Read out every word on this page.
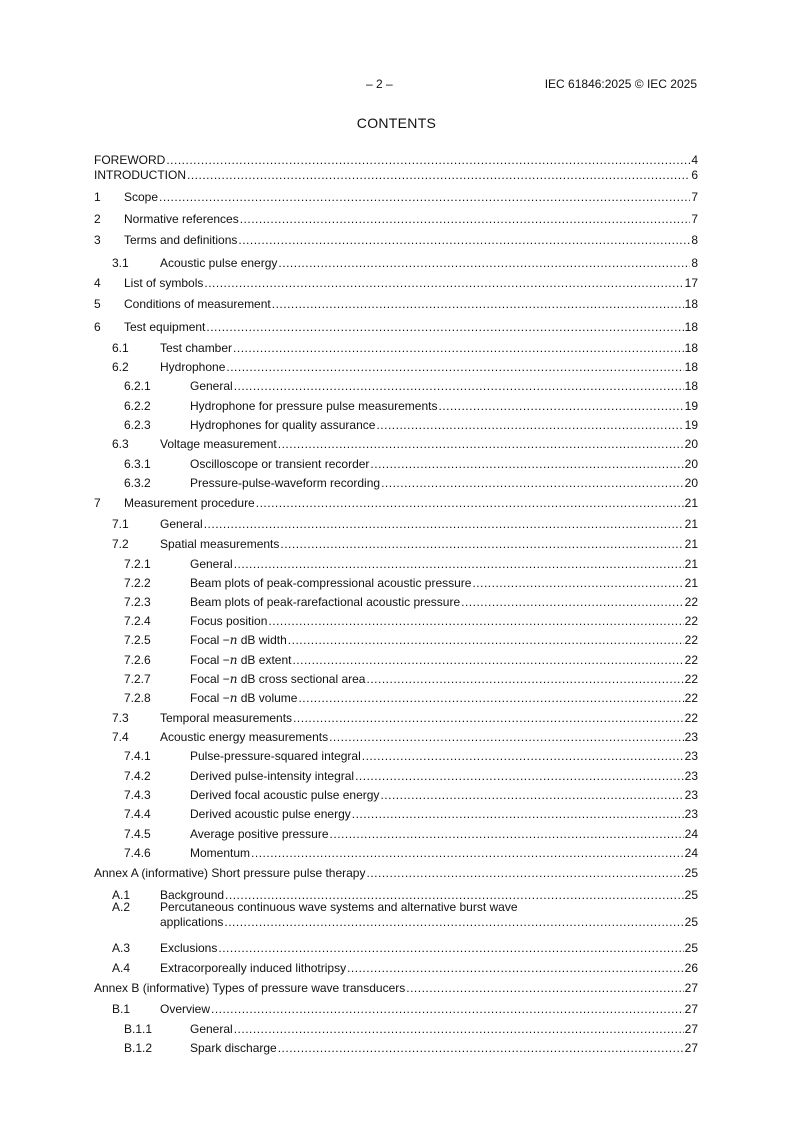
– 2 –	IEC 61846:2025 © IEC 2025
CONTENTS
FOREWORD .....	4
INTRODUCTION .....	6
1	Scope .....	7
2	Normative references .....	7
3	Terms and definitions .....	8
3.1	Acoustic pulse energy .....	8
4	List of symbols .....	17
5	Conditions of measurement .....	18
6	Test equipment .....	18
6.1	Test chamber .....	18
6.2	Hydrophone .....	18
6.2.1	General .....	18
6.2.2	Hydrophone for pressure pulse measurements .....	19
6.2.3	Hydrophones for quality assurance .....	19
6.3	Voltage measurement .....	20
6.3.1	Oscilloscope or transient recorder .....	20
6.3.2	Pressure-pulse-waveform recording .....	20
7	Measurement procedure .....	21
7.1	General .....	21
7.2	Spatial measurements .....	21
7.2.1	General .....	21
7.2.2	Beam plots of peak-compressional acoustic pressure .....	21
7.2.3	Beam plots of peak-rarefactional acoustic pressure .....	22
7.2.4	Focus position .....	22
7.2.5	Focal −n dB width .....	22
7.2.6	Focal −n dB extent .....	22
7.2.7	Focal −n dB cross sectional area .....	22
7.2.8	Focal −n dB volume .....	22
7.3	Temporal measurements .....	22
7.4	Acoustic energy measurements .....	23
7.4.1	Pulse-pressure-squared integral .....	23
7.4.2	Derived pulse-intensity integral .....	23
7.4.3	Derived focal acoustic pulse energy .....	23
7.4.4	Derived acoustic pulse energy .....	23
7.4.5	Average positive pressure .....	24
7.4.6	Momentum .....	24
Annex A (informative) Short pressure pulse therapy .....	25
A.1	Background .....	25
A.2	Percutaneous continuous wave systems and alternative burst wave
applications .....	25
A.3	Exclusions .....	25
A.4	Extracorporeally induced lithotripsy .....	26
Annex B (informative) Types of pressure wave transducers .....	27
B.1	Overview .....	27
B.1.1	General .....	27
B.1.2	Spark discharge .....	27
